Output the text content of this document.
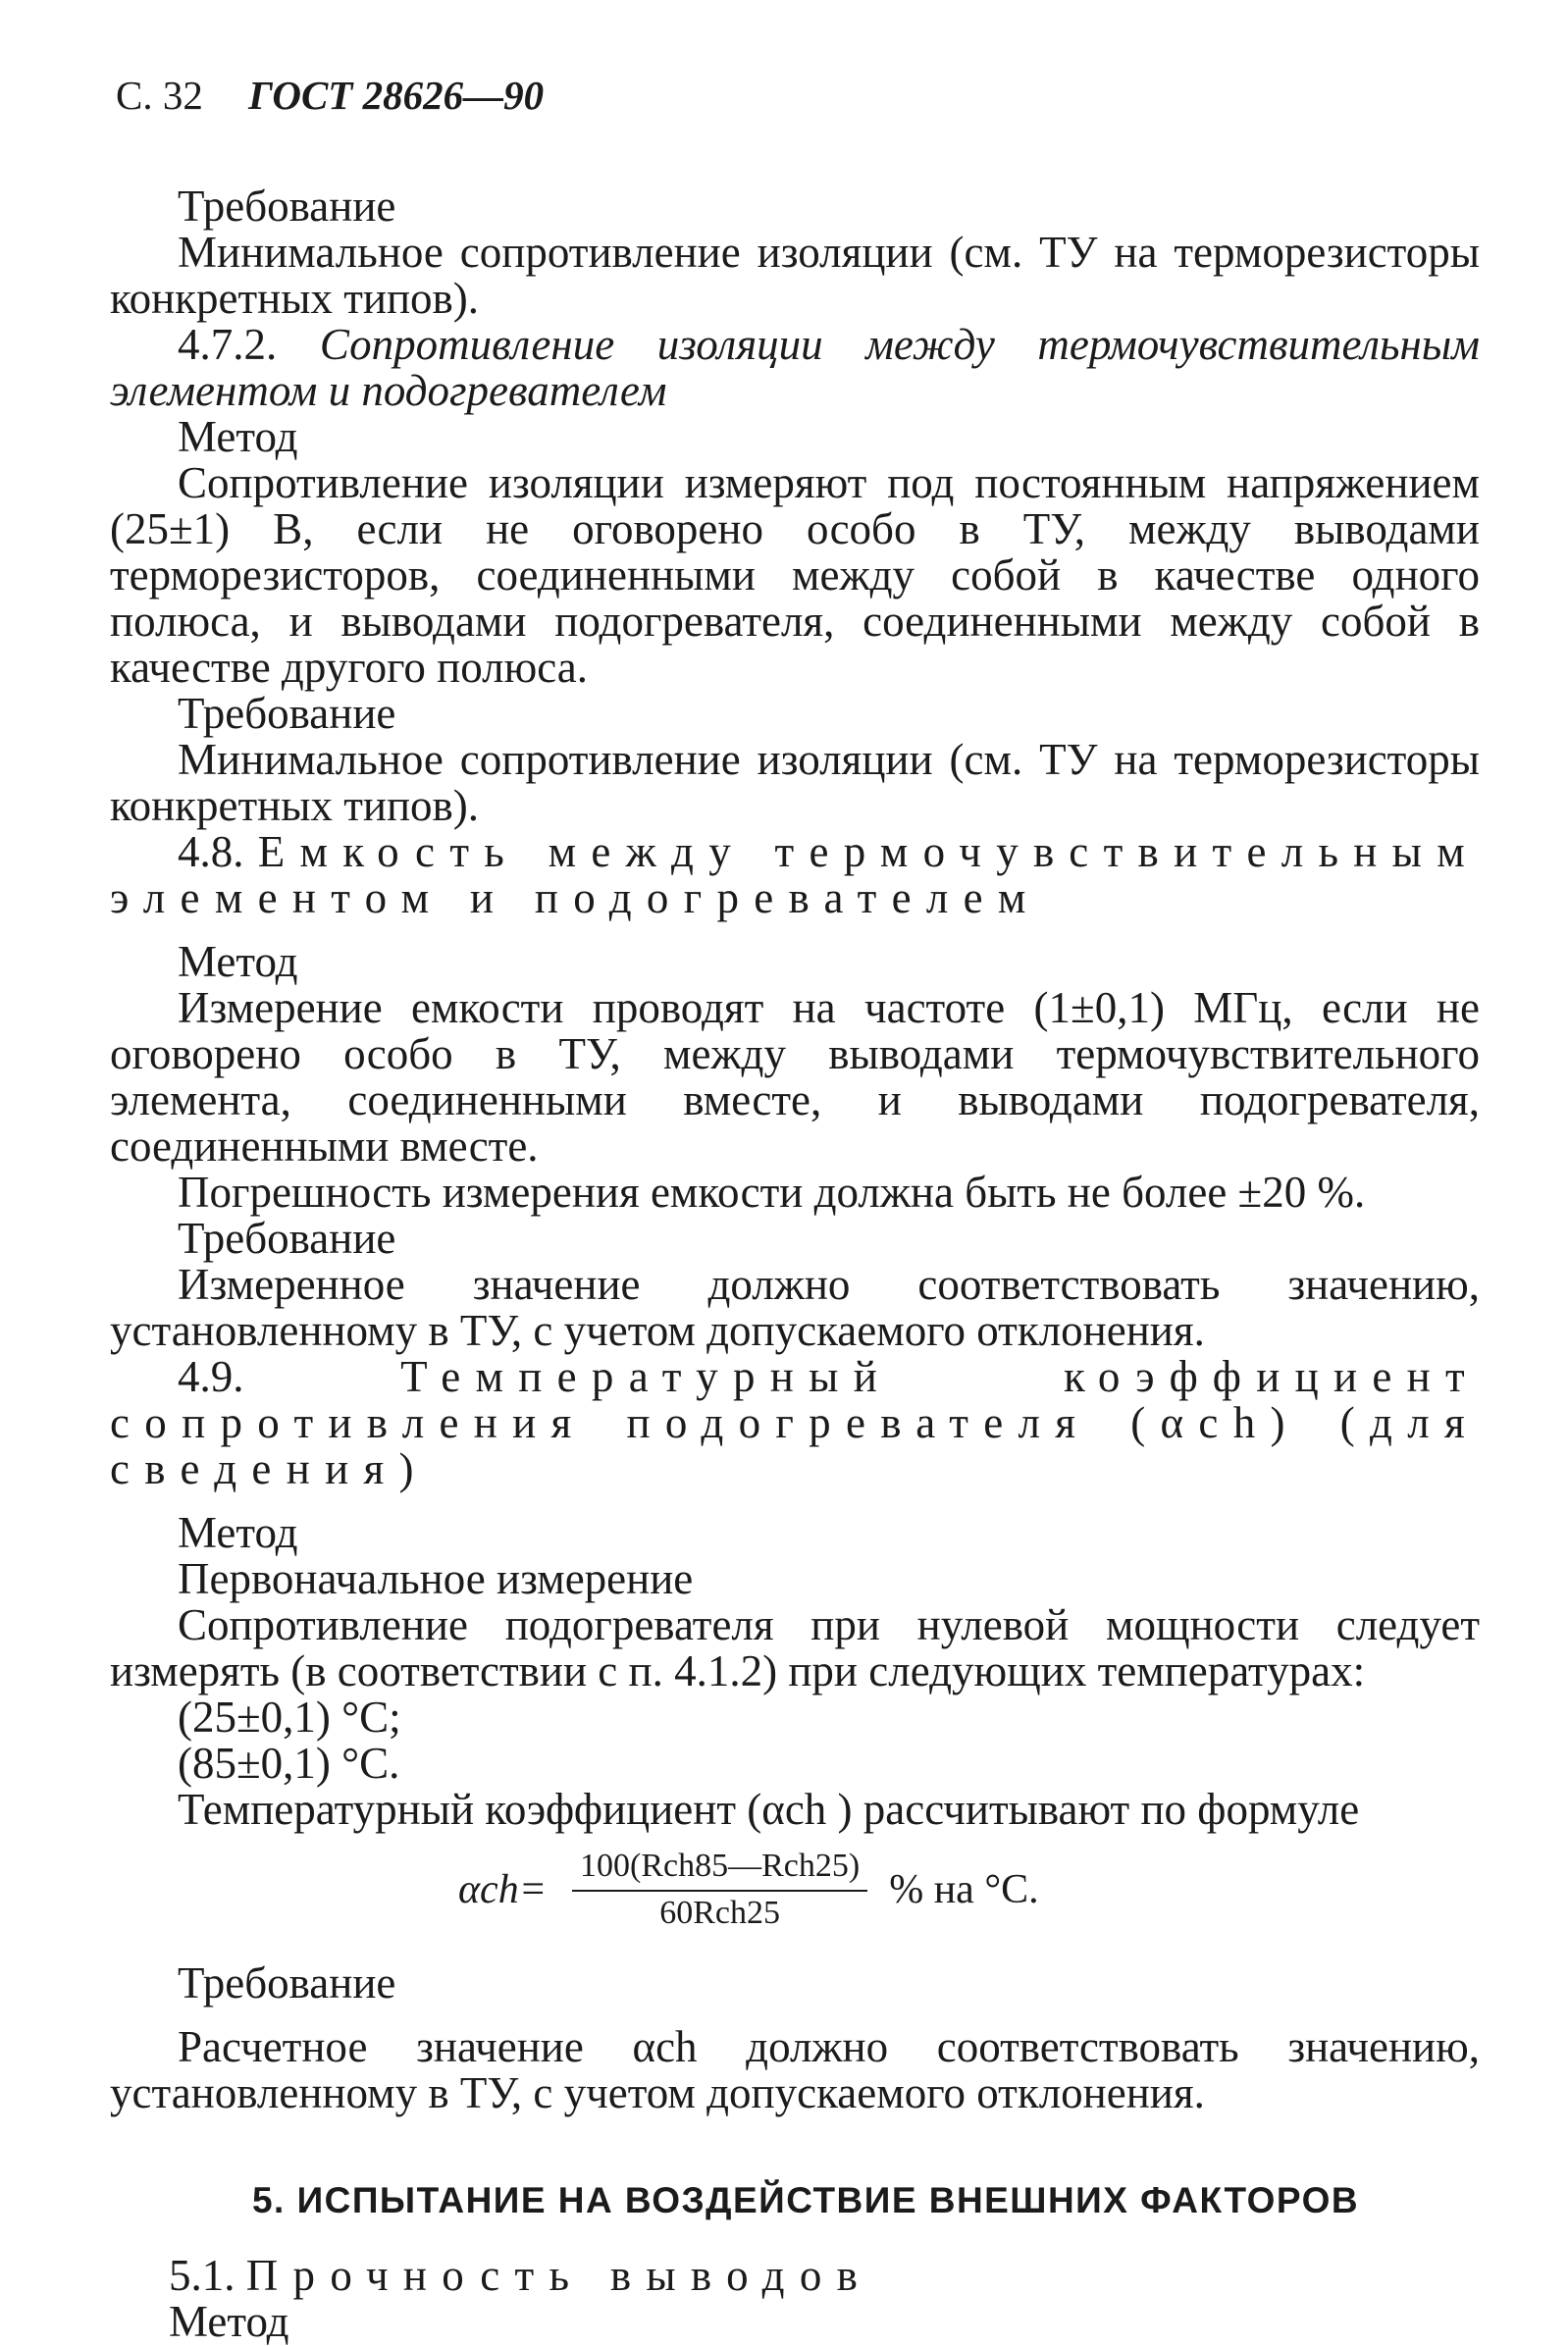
С. 32 ГОСТ 28626—90

Требование

Минимальное сопротивление изоляции (см. ТУ на терморезисторы конкретных типов).

4.7.2. Сопротивление изоляции между термочувствительным элементом и подогревателем

Метод

Сопротивление изоляции измеряют под постоянным напряжением (25±1) В, если не оговорено особо в ТУ, между выводами терморезисторов, соединенными между собой в качестве одного полюса, и выводами подогревателя, соединенными между собой в качестве другого полюса.

Требование

Минимальное сопротивление изоляции (см. ТУ на терморезисторы конкретных типов).

4.8. Емкость между термочувствительным элементом и подогревателем

Метод

Измерение емкости проводят на частоте (1±0,1) МГц, если не оговорено особо в ТУ, между выводами термочувствительного элемента, соединенными вместе, и выводами подогревателя, соединенными вместе.

Погрешность измерения емкости должна быть не более ±20 %.

Требование

Измеренное значение должно соответствовать значению, установленному в ТУ, с учетом допускаемого отклонения.

4.9.	Температурный коэффициент сопротивления подогревателя (αch) (для сведения)

Метод

Первоначальное измерение

Сопротивление подогревателя при нулевой мощности следует измерять (в соответствии с п. 4.1.2) при следующих температурах:

(25±0,1) °C;

(85±0,1) °C.

Температурный коэффициент (αch ) рассчитывают по формуле

$\alpha ch= \frac{\text{100(Rch85—Rch25)}}{\text{60Rch25}}$ % на °C.

Требование

Расчетное значение αch должно соответствовать значению, установленному в ТУ, с учетом допускаемого отклонения.

5. ИСПЫТАНИЕ НА ВОЗДЕЙСТВИЕ ВНЕШНИХ ФАКТОРОВ

5.1. Прочность выводов

Метод
